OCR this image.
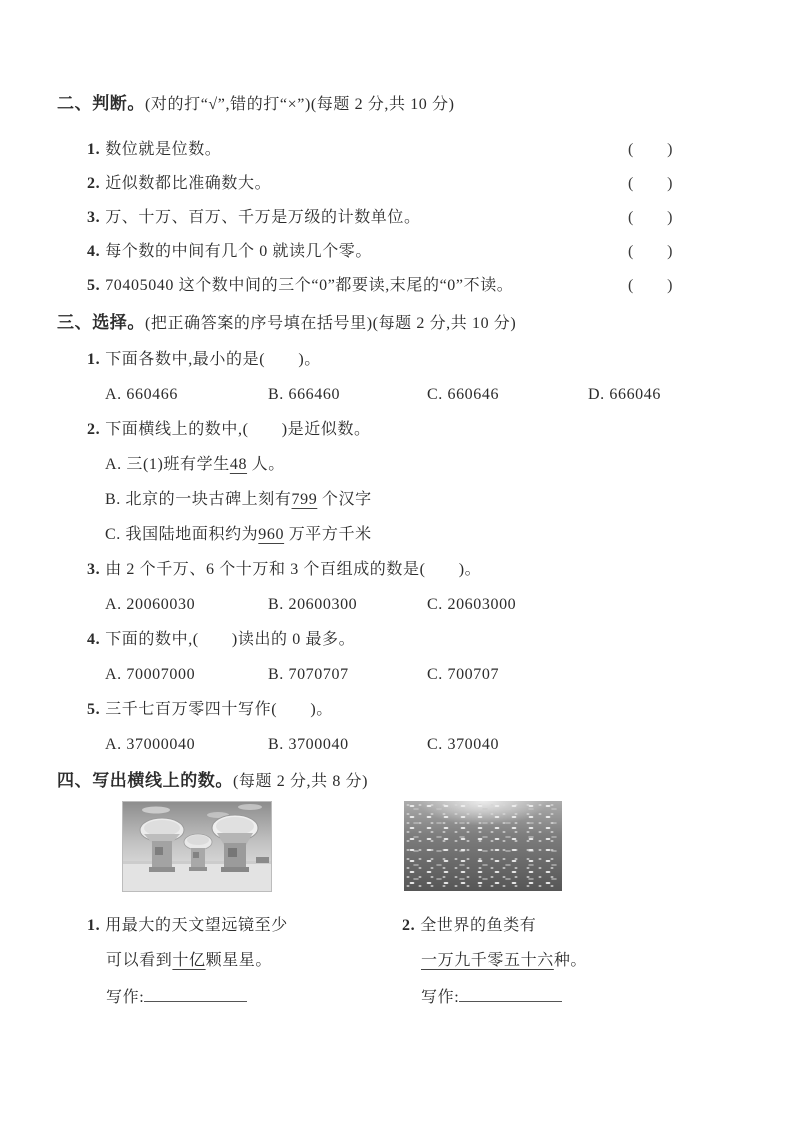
二、判断。(对的打“√”,错的打“×”)(每题 2 分,共 10 分)
1. 数位就是位数。	(　　)
2. 近似数都比准确数大。	(　　)
3. 万、十万、百万、千万是万级的计数单位。	(　　)
4. 每个数的中间有几个 0 就读几个零。	(　　)
5. 70405040 这个数中间的三个“0”都要读,末尾的“0”不读。	(　　)
三、选择。(把正确答案的序号填在括号里)(每题 2 分,共 10 分)
1. 下面各数中,最小的是(　　)。
A. 660466	B. 666460	C. 660646	D. 666046
2. 下面横线上的数中,(　　)是近似数。
A. 三(1)班有学生48 人。
B. 北京的一块古碑上刻有799 个汉字
C. 我国陆地面积约为960 万平方千米
3. 由 2 个千万、6 个十万和 3 个百组成的数是(　　)。
A. 20060030	B. 20600300	C. 20603000
4. 下面的数中,(　　)读出的 0 最多。
A. 70007000	B. 7070707	C. 700707
5. 三千七百万零四十写作(　　)。
A. 37000040	B. 3700040	C. 370040
四、写出横线上的数。(每题 2 分,共 8 分)
1. 用最大的天文望远镜至少
可以看到十亿颗星星。
写作:
2. 全世界的鱼类有
一万九千零五十六种。
写作:
